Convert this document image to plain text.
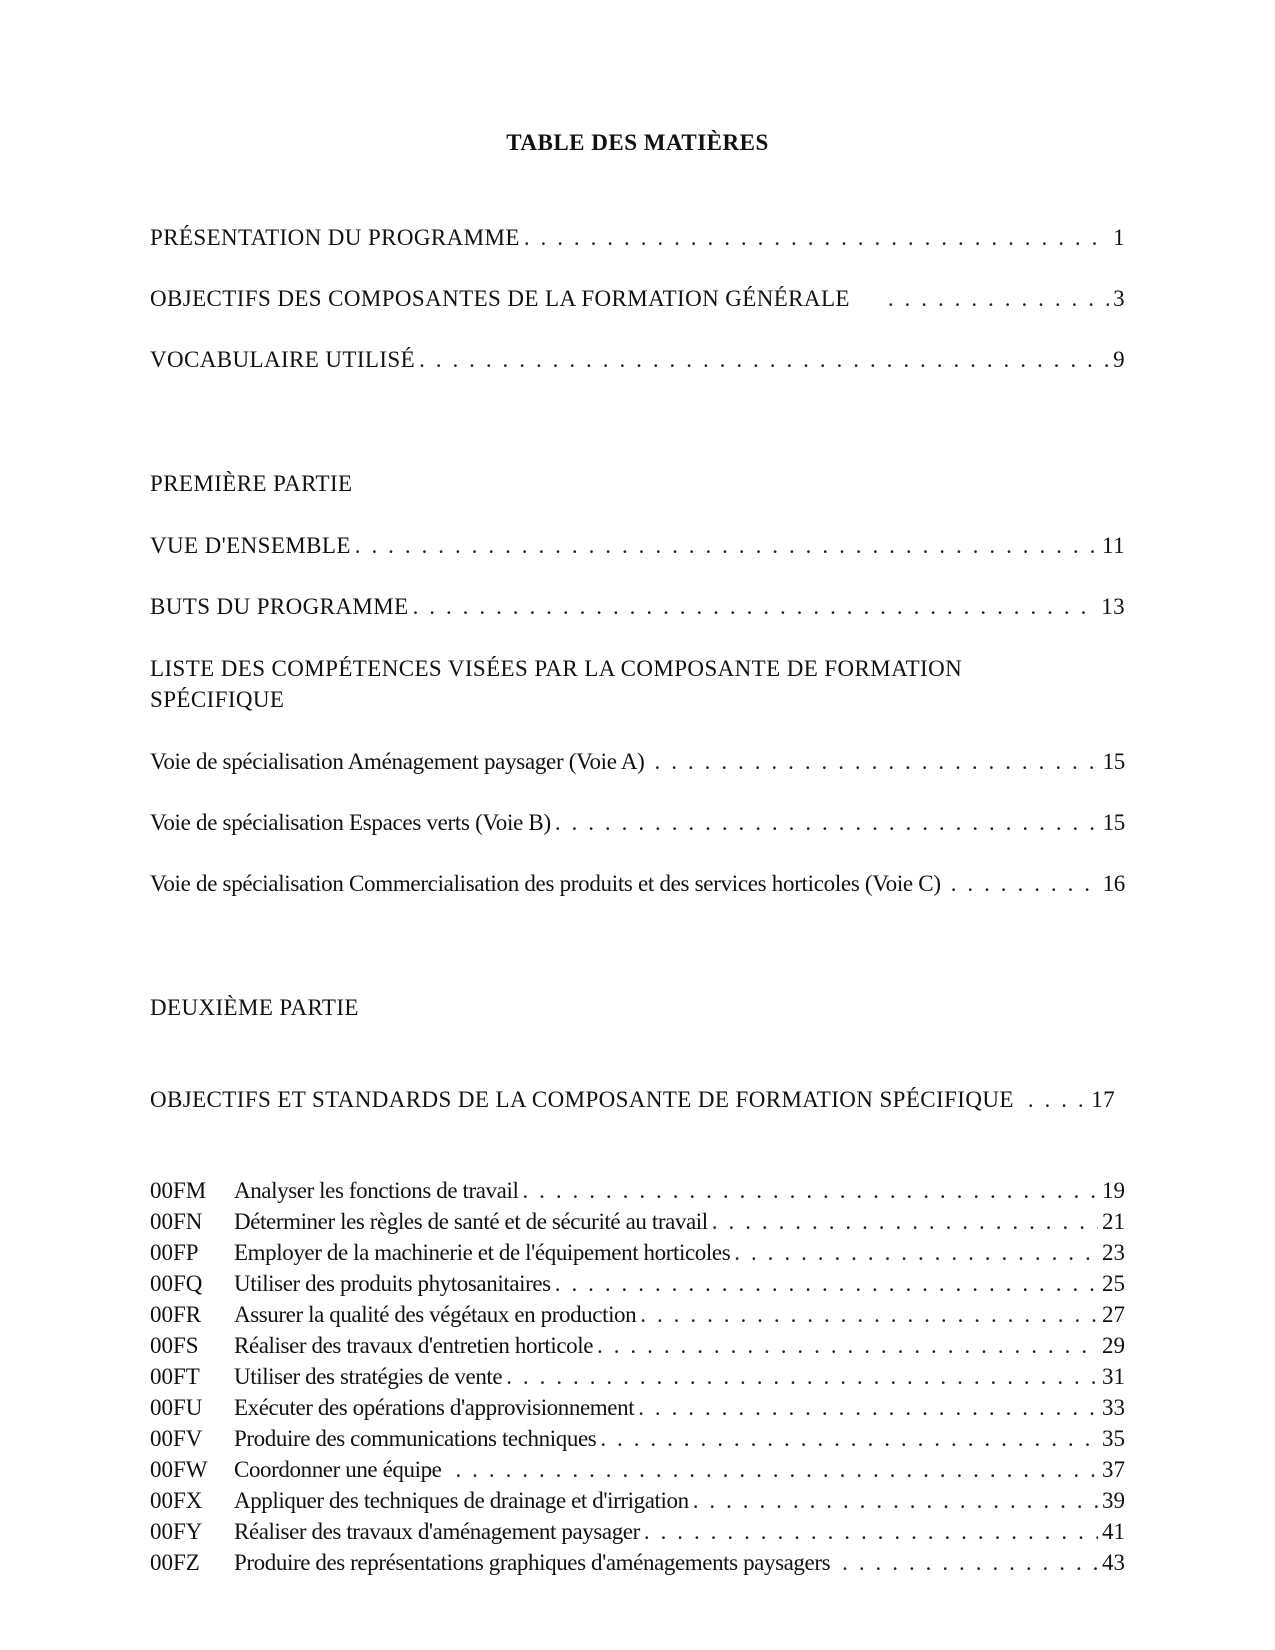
TABLE DES MATIÈRES
PRÉSENTATION DU PROGRAMME . . .	1
OBJECTIFS DES COMPOSANTES DE LA FORMATION GÉNÉRALE . . .	3
VOCABULAIRE UTILISÉ . . .	9
PREMIÈRE PARTIE
VUE D'ENSEMBLE . . .	11
BUTS DU PROGRAMME . . .	13
LISTE DES COMPÉTENCES VISÉES PAR LA COMPOSANTE DE FORMATION SPÉCIFIQUE
Voie de spécialisation Aménagement paysager (Voie A) . . .	15
Voie de spécialisation Espaces verts (Voie B) . . .	15
Voie de spécialisation Commercialisation des produits et des services horticoles (Voie C) . . .	16
DEUXIÈME PARTIE
OBJECTIFS ET STANDARDS DE LA COMPOSANTE DE FORMATION SPÉCIFIQUE . . .	17
00FM	Analyser les fonctions de travail . . .	19
00FN	Déterminer les règles de santé et de sécurité au travail . . .	21
00FP	Employer de la machinerie et de l'équipement horticoles . . .	23
00FQ	Utiliser des produits phytosanitaires . . .	25
00FR	Assurer la qualité des végétaux en production . . .	27
00FS	Réaliser des travaux d'entretien horticole . . .	29
00FT	Utiliser des stratégies de vente . . .	31
00FU	Exécuter des opérations d'approvisionnement . . .	33
00FV	Produire des communications techniques . . .	35
00FW	Coordonner une équipe . . .	37
00FX	Appliquer des techniques de drainage et d'irrigation . . .	39
00FY	Réaliser des travaux d'aménagement paysager . . .	41
00FZ	Produire des représentations graphiques d'aménagements paysagers . . .	43
